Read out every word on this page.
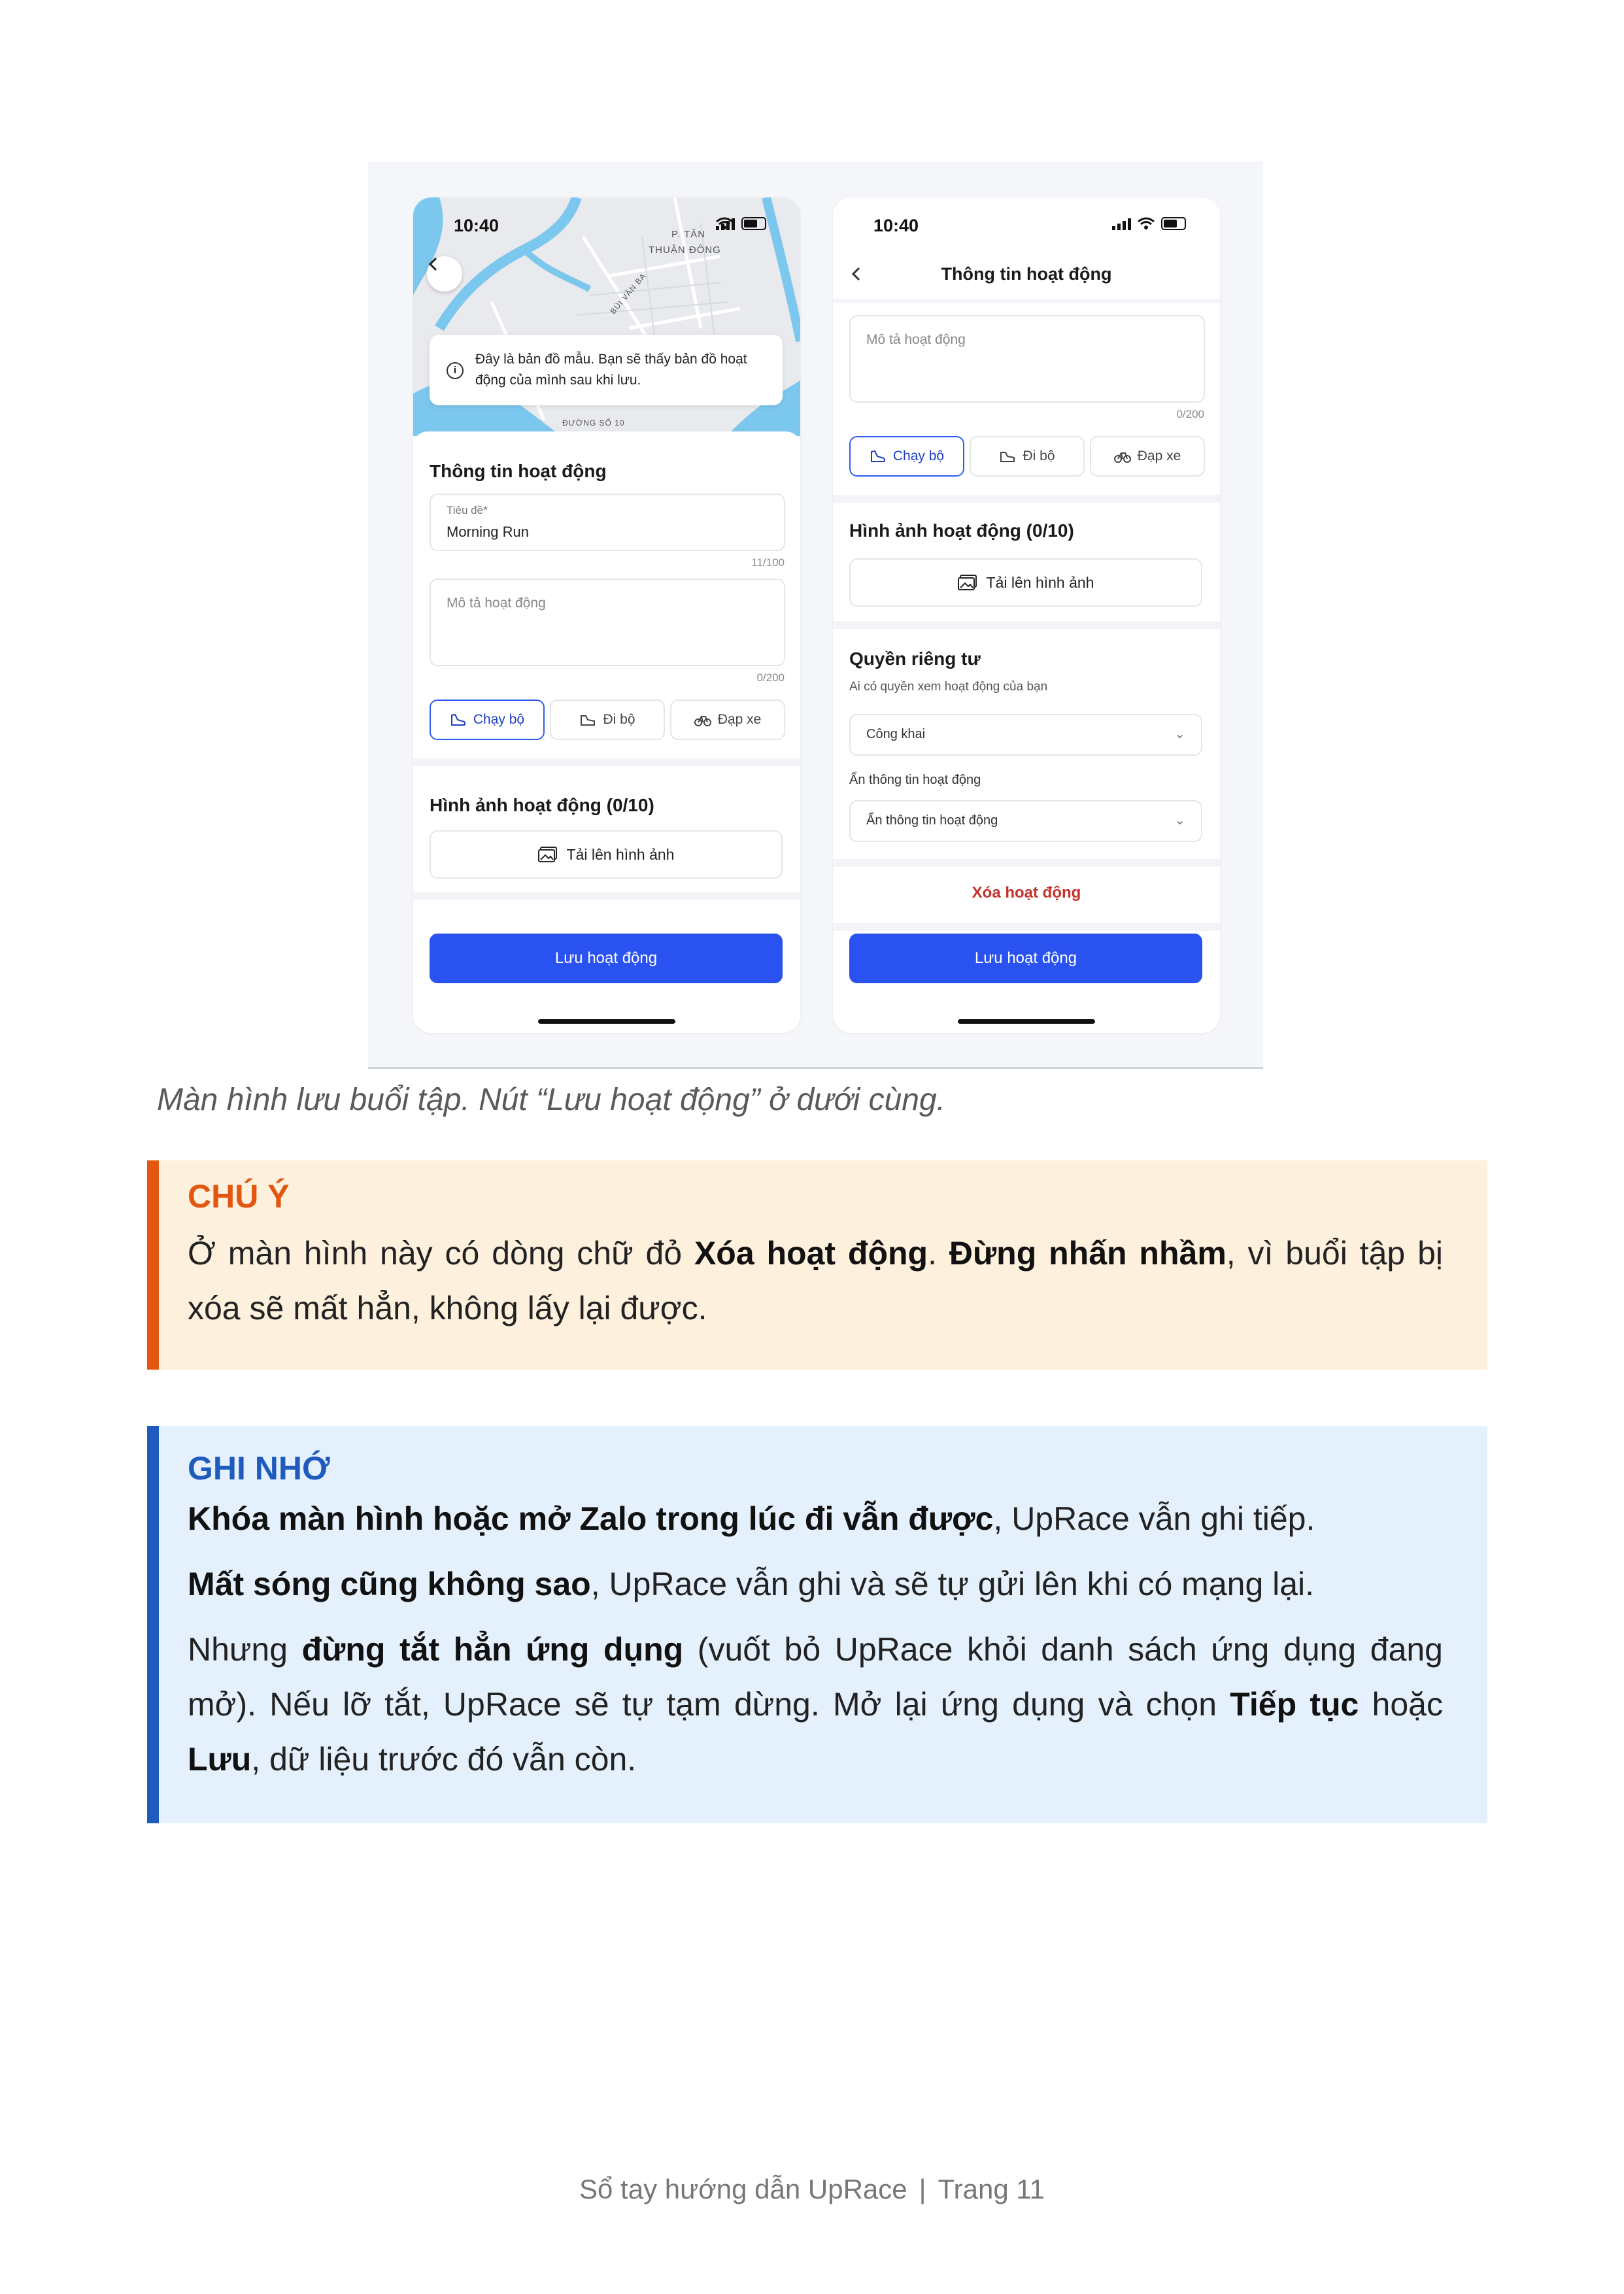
P. TÂN
THUẬN ĐÔNG
ĐƯỜNG SỐ 10
BÙI VĂN BA
10:40
i
Đây là bản đồ mẫu. Bạn sẽ thấy bản đồ hoạt động của mình sau khi lưu.
Thông tin hoạt động
Tiêu đề*
Morning Run
11/100
Mô tả hoạt động
0/200
Chạy bộ	Đi bộ	Đạp xe
Hình ảnh hoạt động (0/10)
Tải lên hình ảnh
Lưu hoạt động
10:40
Thông tin hoạt động
Mô tả hoạt động
0/200
Chạy bộ	Đi bộ	Đạp xe
Hình ảnh hoạt động (0/10)
Tải lên hình ảnh
Quyền riêng tư
Ai có quyền xem hoạt động của bạn
Công khai	⌄
Ẩn thông tin hoạt động
Ẩn thông tin hoạt động	⌄
Xóa hoạt động
Lưu hoạt động
Màn hình lưu buổi tập. Nút “Lưu hoạt động” ở dưới cùng.
CHÚ Ý

Ở màn hình này có dòng chữ đỏ Xóa hoạt động. Đừng nhấn nhầm, vì buổi tập bị xóa sẽ mất hẳn, không lấy lại được.

GHI NHỚ

Khóa màn hình hoặc mở Zalo trong lúc đi vẫn được, UpRace vẫn ghi tiếp.

Mất sóng cũng không sao, UpRace vẫn ghi và sẽ tự gửi lên khi có mạng lại.

Nhưng đừng tắt hẳn ứng dụng (vuốt bỏ UpRace khỏi danh sách ứng dụng đang mở). Nếu lỡ tắt, UpRace sẽ tự tạm dừng. Mở lại ứng dụng và chọn Tiếp tục hoặc Lưu, dữ liệu trước đó vẫn còn.

Sổ tay hướng dẫn UpRace | Trang 11
